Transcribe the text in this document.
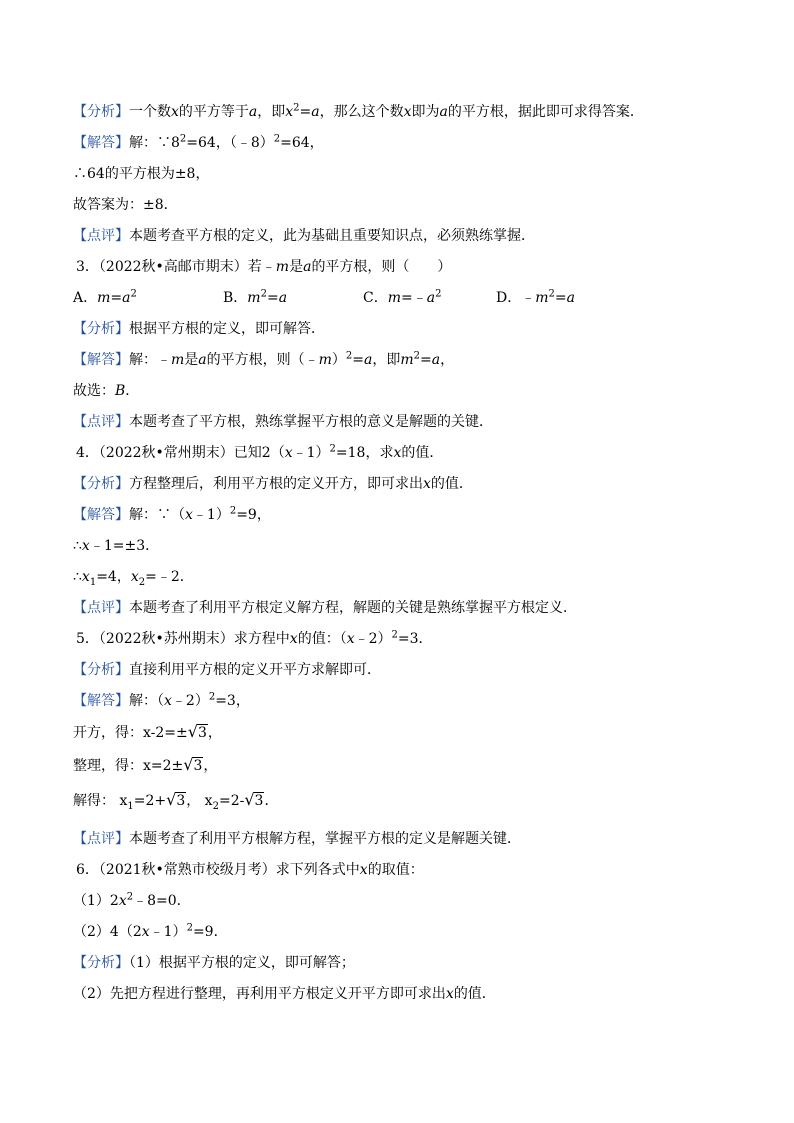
【分析】一个数x的平方等于a，即$x^2=a$，那么这个数x即为a的平方根，据此即可求得答案．
【解答】解：$\because 8^2=64$，（﹣8）$^2$=64，
∴64的平方根为±8，
故答案为：±8．
【点评】本题考查平方根的定义，此为基础且重要知识点，必须熟练掌握．
3．（2022秋•高邮市期末）若﹣m是a的平方根，则（　　）
A．$m=a^2$	B．$m^2=a$	C．$m=﹣a^2$	D．$﹣m^2=a$
【分析】根据平方根的定义，即可解答．
【解答】解：﹣m是a的平方根，则（﹣m）$^2$=a，即$m^2=a$，
故选：B．
【点评】本题考查了平方根，熟练掌握平方根的意义是解题的关键．
4．（2022秋•常州期末）已知2（x﹣1）$^2$=18，求x的值．
【分析】方程整理后，利用平方根的定义开方，即可求出x的值．
【解答】解：∵（x﹣1）$^2$=9，
∴x﹣1=±3．
$\therefore x_1=4$，$x_2=﹣2$．
【点评】本题考查了利用平方根定义解方程，解题的关键是熟练掌握平方根定义．
5．（2022秋•苏州期末）求方程中x的值：（x﹣2）$^2$=3．
【分析】直接利用平方根的定义开平方求解即可．
【解答】解：（x﹣2）$^2$=3，
开方，得：x-2=±√3，
整理，得：x=2±√3，
解得： $x_1=2+√3$， $x_2=2-√3$．
【点评】本题考查了利用平方根解方程，掌握平方根的定义是解题关键．
6．（2021秋•常熟市校级月考）求下列各式中x的取值：
$(1)2x^2﹣8=0$．
（2）4（2x﹣1）$^2$=9．
【分析】（1）根据平方根的定义，即可解答；
（2）先把方程进行整理，再利用平方根定义开平方即可求出x的值．
